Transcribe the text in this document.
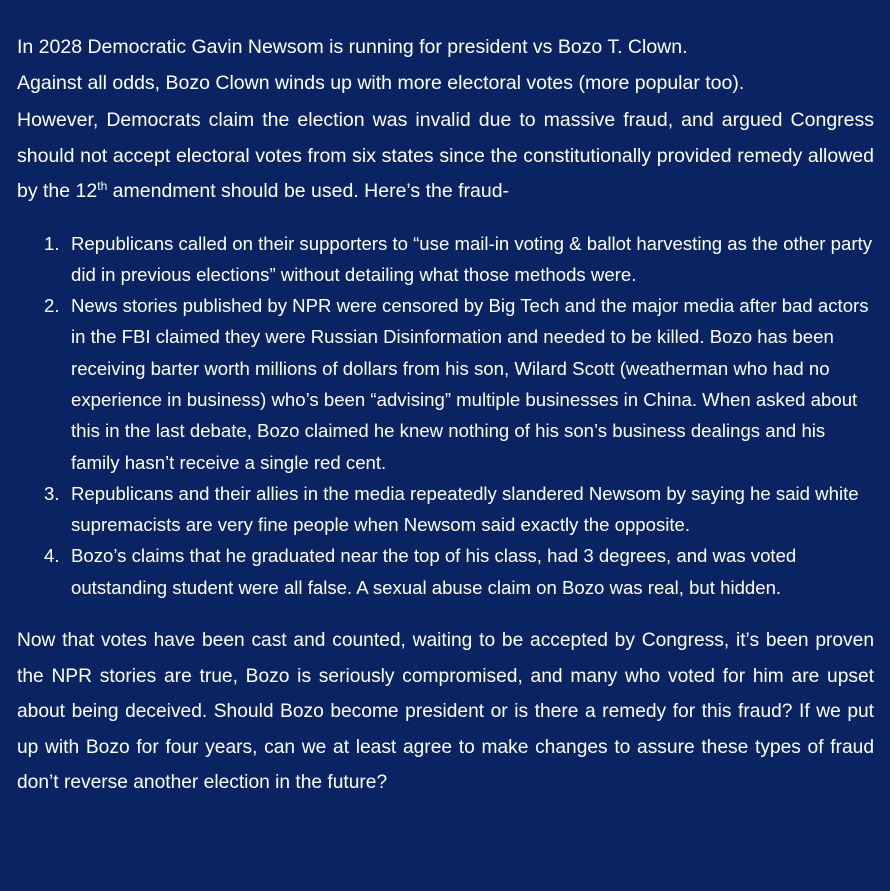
In 2028 Democratic Gavin Newsom is running for president vs Bozo T. Clown.

Against all odds, Bozo Clown winds up with more electoral votes (more popular too).

However, Democrats claim the election was invalid due to massive fraud, and argued Congress should not accept electoral votes from six states since the constitutionally provided remedy allowed by the 12th amendment should be used. Here’s the fraud-

1. Republicans called on their supporters to “use mail-in voting & ballot harvesting as the other party did in previous elections” without detailing what those methods were.
2. News stories published by NPR were censored by Big Tech and the major media after bad actors in the FBI claimed they were Russian Disinformation and needed to be killed. Bozo has been receiving barter worth millions of dollars from his son, Wilard Scott (weatherman who had no experience in business) who’s been “advising” multiple businesses in China. When asked about this in the last debate, Bozo claimed he knew nothing of his son’s business dealings and his family hasn’t receive a single red cent.
3. Republicans and their allies in the media repeatedly slandered Newsom by saying he said white supremacists are very fine people when Newsom said exactly the opposite.
4. Bozo’s claims that he graduated near the top of his class, had 3 degrees, and was voted outstanding student were all false. A sexual abuse claim on Bozo was real, but hidden.

Now that votes have been cast and counted, waiting to be accepted by Congress, it’s been proven the NPR stories are true, Bozo is seriously compromised, and many who voted for him are upset about being deceived. Should Bozo become president or is there a remedy for this fraud? If we put up with Bozo for four years, can we at least agree to make changes to assure these types of fraud don’t reverse another election in the future?
